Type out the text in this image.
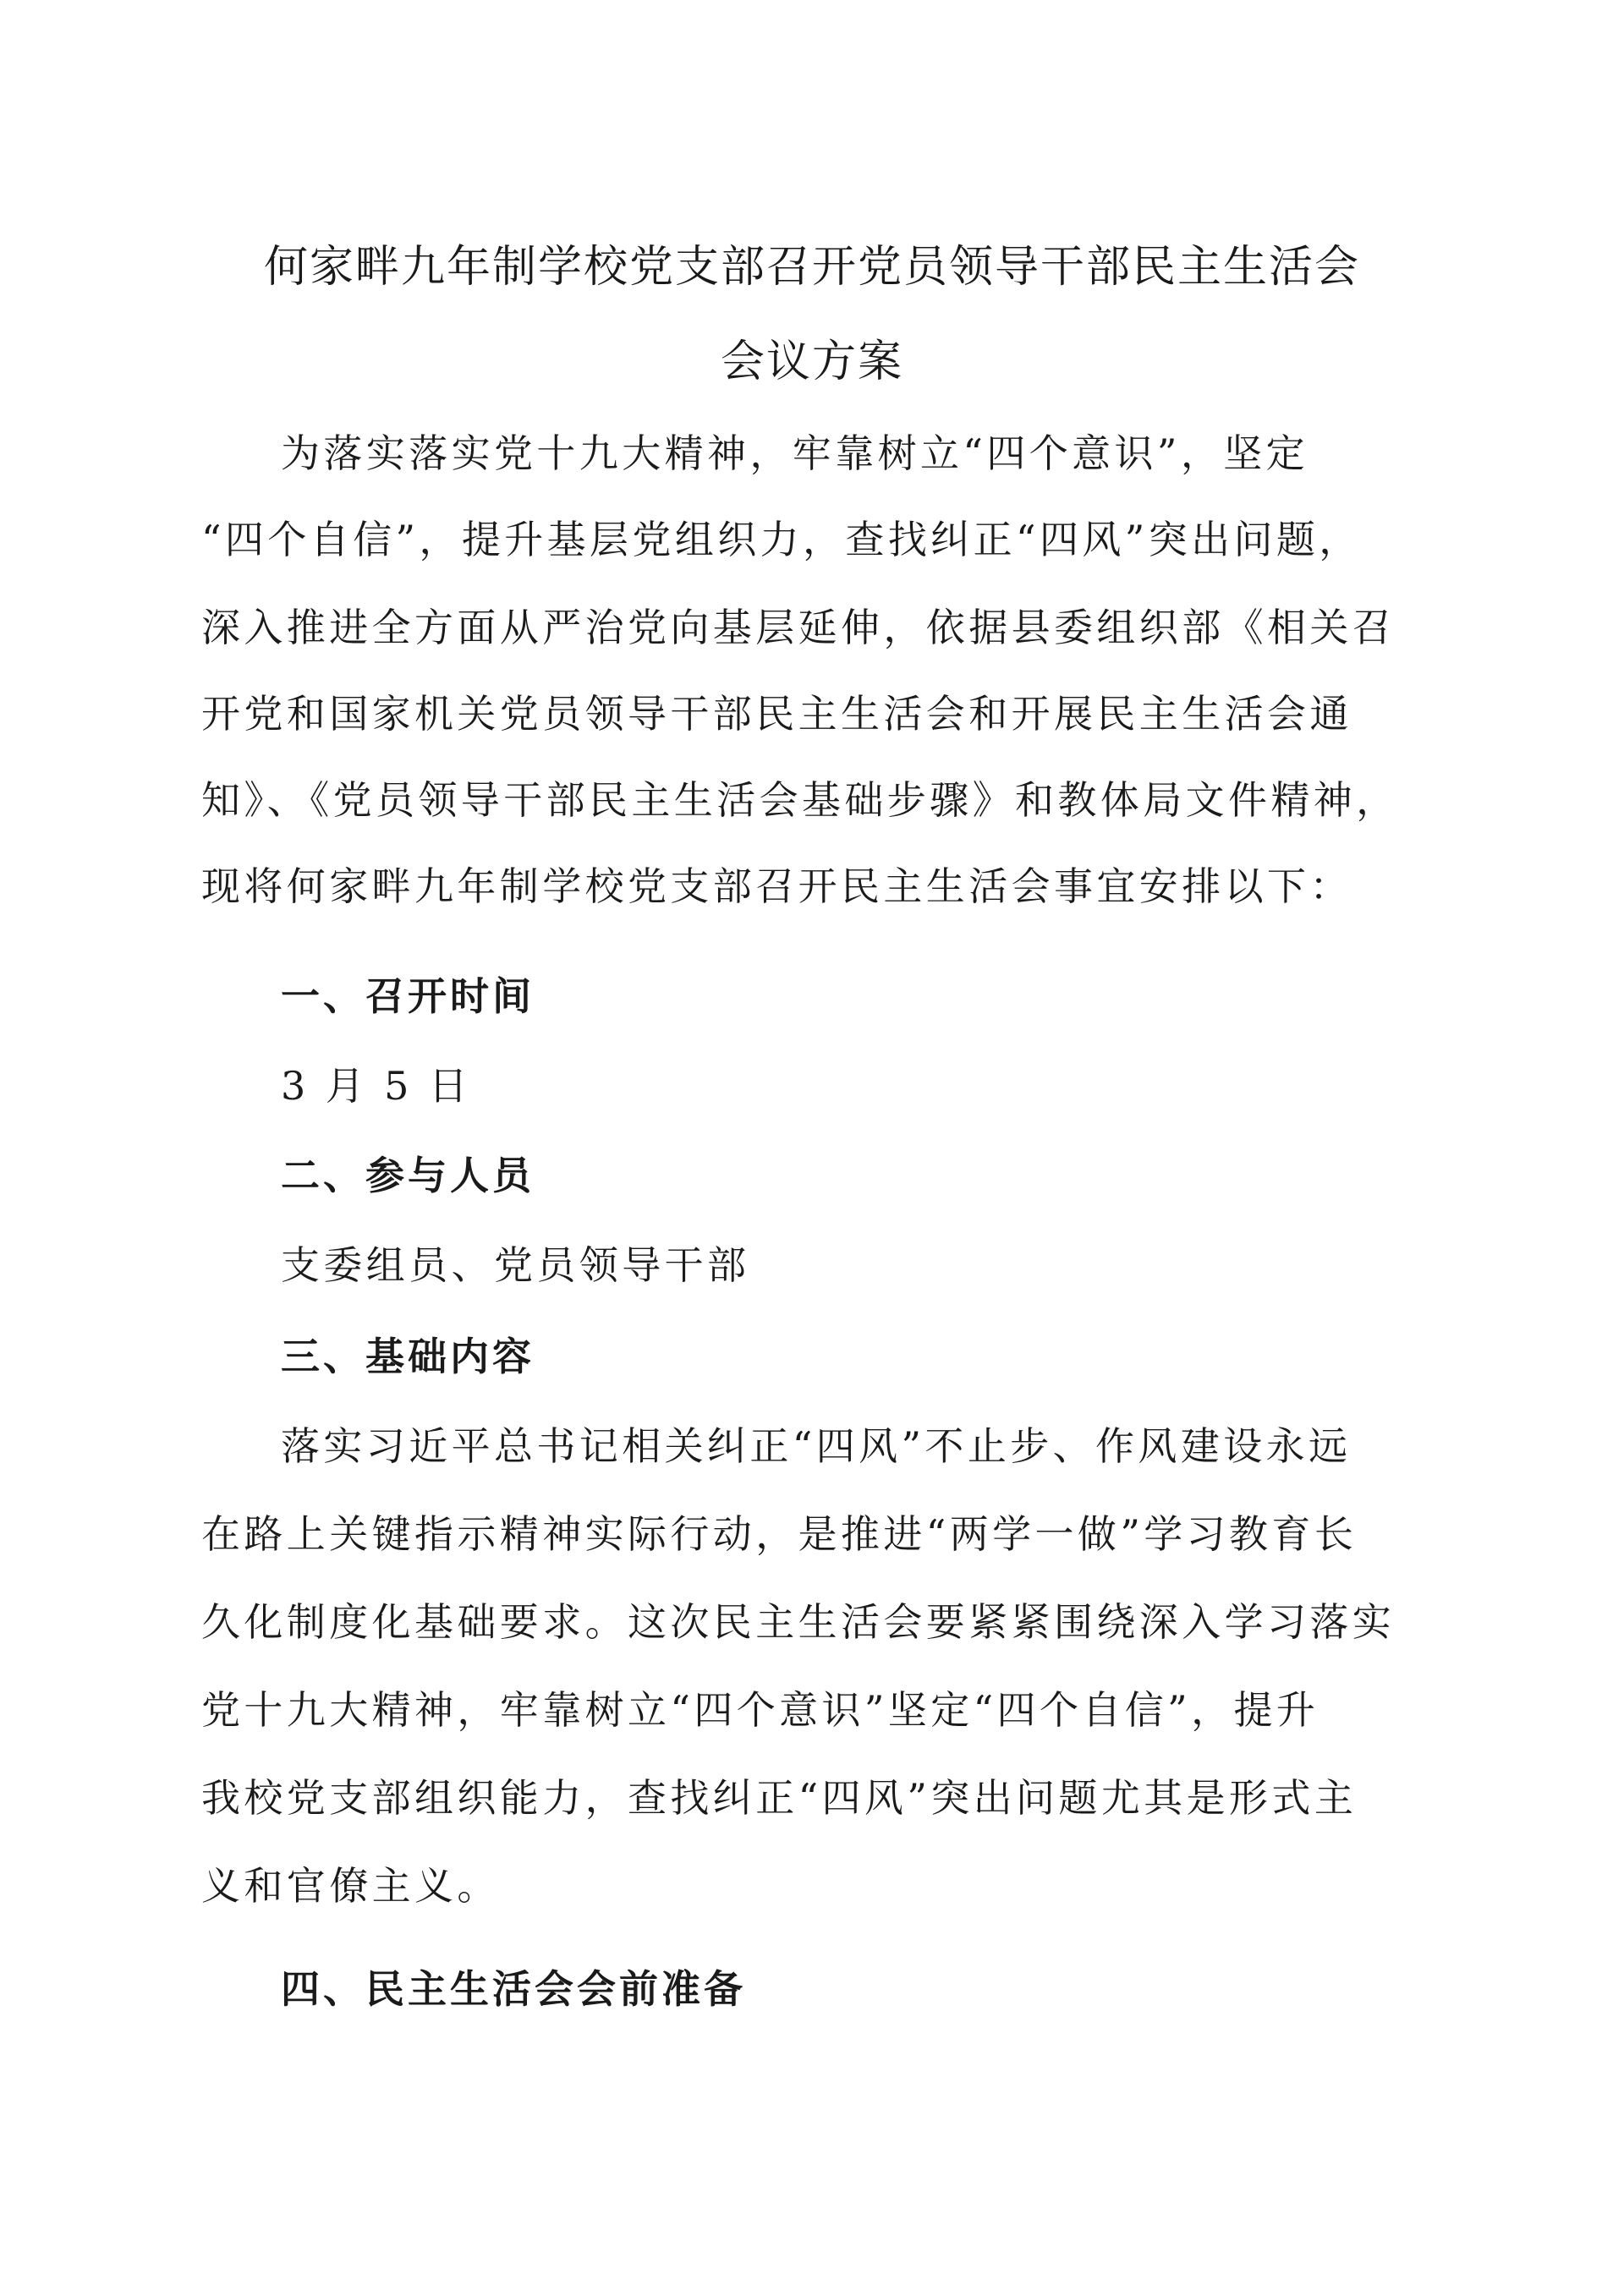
何家畔九年制学校党支部召开党员领导干部民主生活会
会议方案
为落实落实党十九大精神，牢靠树立“四个意识”，坚定
“四个自信”，提升基层党组织力，查找纠正“四风”突出问题，
深入推进全方面从严治党向基层延伸，依据县委组织部《相关召
开党和国家机关党员领导干部民主生活会和开展民主生活会通
知》、《党员领导干部民主生活会基础步骤》和教体局文件精神，
现将何家畔九年制学校党支部召开民主生活会事宜安排以下：
一、召开时间
3 月 5 日
二、参与人员
支委组员、党员领导干部
三、基础内容
落实习近平总书记相关纠正“四风”不止步、作风建设永远
在路上关键指示精神实际行动，是推进“两学一做”学习教育长
久化制度化基础要求。这次民主生活会要紧紧围绕深入学习落实
党十九大精神，牢靠树立“四个意识”坚定“四个自信”，提升
我校党支部组织能力，查找纠正“四风”突出问题尤其是形式主
义和官僚主义。
四、民主生活会会前准备
